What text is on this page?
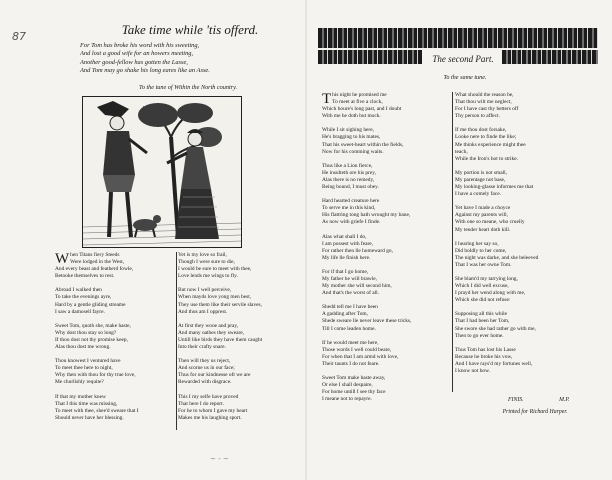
87	Take time while 'tis offerd.
For Tom has broke his word with his sweeting,
And lost a good wife for an howers meeting,
Another good-fellow has gotten the Lasse,
And Tom may go shake his long eares like an Asse.
To the tune of Within the North country.
When Titans fiery Steeds
Were lodged in the West,
And every beast and featherd fowle,
Betooke themselves to rest.
Abroad I walked then
To take the evenings ayre,
Hard by a gentle gliding streame
I saw a damosell fayre.
Sweet Tom, quoth she, make haste,
Why dost thou stay so long?
If thou dost not thy promise keep,
Alas thou dost me wrong.
Thou knowest I ventured have
To meet thee here to night,
Why then with thou for thy true love,
Me churlishly requite?
If that my mother knew
That I this time was missing,
To meet with thee, shee'd sweare that I
Should never have her blessing.
Yet is my love so frail,
Though I were sure to die,
I would be sure to meet with thee,
Love lends me wings to fly.
But now I well perceive,
When mayds love yong men best,
They use them like their servile slaves,
And thus am I opprest.
At first they wooe and pray,
And many oathes they sweare,
Untill like birds they have them caught
Into their crafty snare.
Then will they us reject,
And scorne us in our face;
Thus for our kindnesse oft we are
Rewarded with disgrace.
This I my selfe have proved
That here I do report.
For he to whom I gave my heart
Makes me his laughing sport.
The second Part.
To the same tune.
This night he promised me
To meet at five a clock,
Which houre's long past, and I doubt
With me he doth but mock.
While I sit sighing here,
He's bragging to his mates,
That his sweet-heart within the fields,
Now for his comming waits.
Thus like a Lion fierce,
He insulteth ore his prey,
Alas there is no remedy,
Being bound, I must obey.
Hard hearted creature here
To serve me in this kind,
His flattring tong hath wrought my bane,
As now with griefe I finde.
Alas what shall I do,
I am possest with feare,
For rather then lle homeward go,
My life lle finish here.
For if that I go home,
My father he will brawle,
My mother she will second him,
And that's the worst of all.
Shedd tell me I have been
A gadding after Tom,
Shede sweare lle never leave these tricks,
Till I come leaden home.
If he would meet me here,
Those words I well could beare,
For when that I am armd with love,
Their taunts I do not feare.
Sweet Tom make haste away,
Or else I shall despaire,
For home untill I see thy face
I meane not to repayre.
What should the reason be,
That thou wilt me neglect,
For I have cast thy betters off
Thy person to affect.
If me thou dost forsake,
Looke nere to finde the like;
Me thinks experience might thee
teach,
While the Iron's hot to strike.
My portion is not small,
My parentage not base,
My looking-glasse informes me that
I have a comely face.
Yet have I made a choyce
Against my parents will,
With one so meane, who cruelly
My tender heart doth kill.
I hearing her say so,
Did boldly to her come,
The night was darke, and she beleeved
That I was her owne Tom.
She blam'd my tarrying long,
Which I did well excuse,
I prayd her wend along with me,
Which she did not refuse:
Supposing all this while
That I had been her Tom,
She swore she had rather go with me,
Then to go ever home.
Thus Tom has lost his Lasse
Because he broke his vow,
And I have rays'd my fortunes well,
I know not how.
FINIS.	M.P.
Printed for Richard Harper.
~ - ~
